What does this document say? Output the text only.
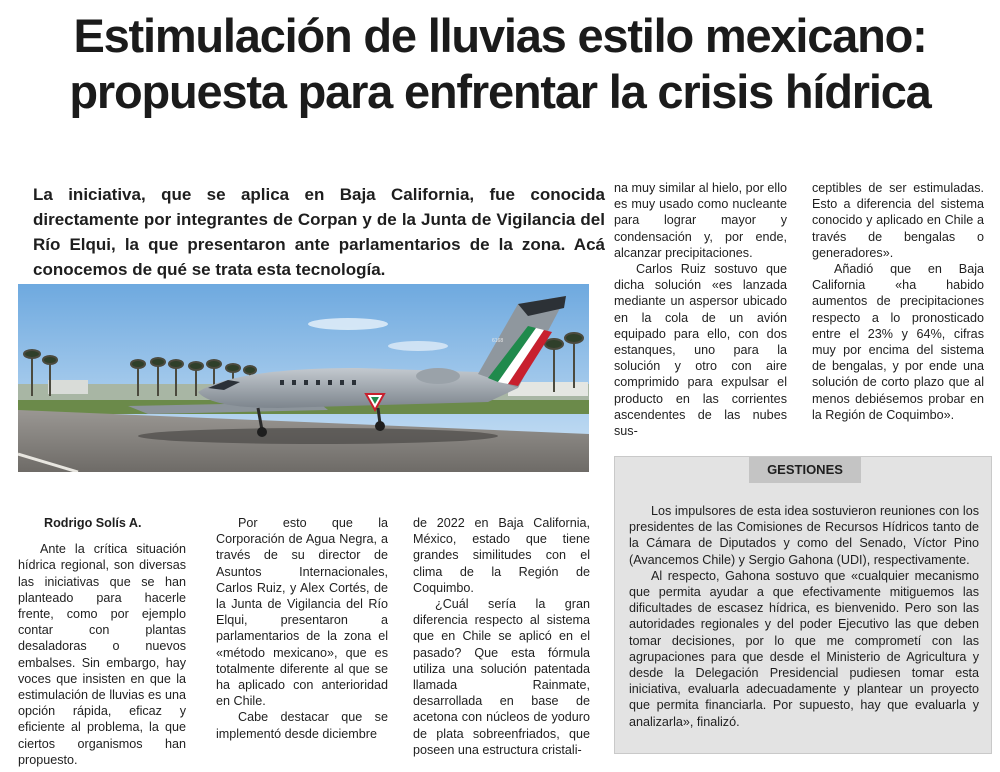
Estimulación de lluvias estilo mexicano:
propuesta para enfrentar la crisis hídrica

La iniciativa, que se aplica en Baja California, fue conocida directamente por integrantes de Corpan y de la Junta de Vigilancia del Río Elqui, la que presentaron ante parlamentarios de la zona. Acá conocemos de qué se trata esta tecnología.

6168

Rodrigo Solís A.

Ante la crítica situación hídrica regional, son diversas las iniciativas que se han planteado para hacerle frente, como por ejemplo contar con plantas desaladoras o nuevos embalses. Sin embargo, hay voces que insisten en que la estimulación de lluvias es una opción rápida, eficaz y eficiente al problema, la que ciertos organismos han propuesto.

Por esto que la Corporación de Agua Negra, a través de su director de Asuntos Internacionales, Carlos Ruiz, y Alex Cortés, de la Junta de Vigilancia del Río Elqui, presentaron a parlamentarios de la zona el «método mexicano», que es totalmente diferente al que se ha aplicado con anterioridad en Chile.

Cabe destacar que se implementó desde diciembre

de 2022 en Baja California, México, estado que tiene grandes similitudes con el clima de la Región de Coquimbo.

¿Cuál sería la gran diferencia respecto al sistema que en Chile se aplicó en el pasado? Que esta fórmula utiliza una solución patentada llamada Rainmate, desarrollada en base de acetona con núcleos de yoduro de plata sobreenfriados, que poseen una estructura cristali-

na muy similar al hielo, por ello es muy usado como nucleante para lograr mayor y condensación y, por ende, alcanzar precipitaciones.

Carlos Ruiz sostuvo que dicha solución «es lanzada mediante un aspersor ubicado en la cola de un avión equipado para ello, con dos estanques, uno para la solución y otro con aire comprimido para expulsar el producto en las corrientes ascendentes de las nubes sus-

ceptibles de ser estimuladas. Esto a diferencia del sistema conocido y aplicado en Chile a través de bengalas o generadores».

Añadió que en Baja California «ha habido aumentos de precipitaciones respecto a lo pronosticado entre el 23% y 64%, cifras muy por encima del sistema de bengalas, y por ende una solución de corto plazo que al menos debiésemos probar en la Región de Coquimbo».

GESTIONES

Los impulsores de esta idea sostuvieron reuniones con los presidentes de las Comisiones de Recursos Hídricos tanto de la Cámara de Diputados y como del Senado, Víctor Pino (Avancemos Chile) y Sergio Gahona (UDI), respectivamente.

Al respecto, Gahona sostuvo que «cualquier mecanismo que permita ayudar a que efectivamente mitiguemos las dificultades de escasez hídrica, es bienvenido. Pero son las autoridades regionales y del poder Ejecutivo las que deben tomar decisiones, por lo que me comprometí con las agrupaciones para que desde el Ministerio de Agricultura y desde la Delegación Presidencial pudiesen tomar esta iniciativa, evaluarla adecuadamente y plantear un proyecto que permita financiarla. Por supuesto, hay que evaluarla y analizarla», finalizó.
